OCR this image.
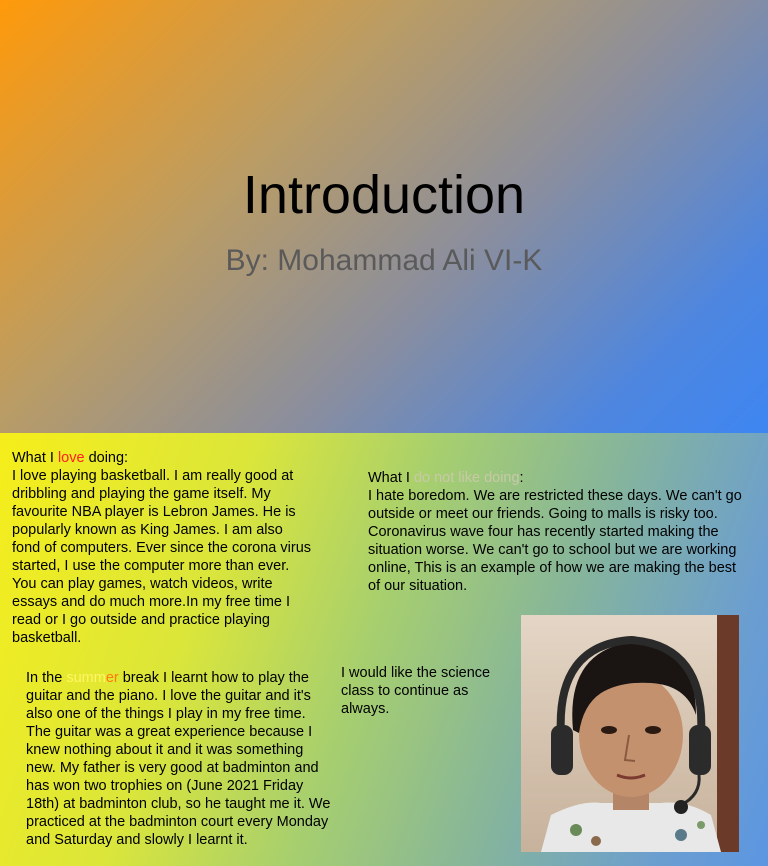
Introduction
By: Mohammad Ali VI-K
What I love doing:
I love playing basketball. I am really good at dribbling and playing the game itself. My favourite NBA player is Lebron James. He is popularly known as King James. I am also fond of computers. Ever since the corona virus started, I use the computer more than ever. You can play games, watch videos, write essays and do much more.In my free time I read or I go outside and practice playing basketball.
What I do not like doing:
I hate boredom. We are restricted these days. We can't go outside or meet our friends. Going to malls is risky too. Coronavirus wave four has recently started making the situation worse. We can't go to school but we are working online, This is an example of how we are making the best of our situation.
In the summer break I learnt how to play the guitar and the piano. I love the guitar and it's also one of the things I play in my free time. The guitar was a great experience because I knew nothing about it and it was something new. My father is very good at badminton and has won two trophies on (June 2021 Friday 18th) at badminton club, so he taught me it. We practiced at the badminton court every Monday and Saturday and slowly I learnt it.
I would like the science class to continue as always.
